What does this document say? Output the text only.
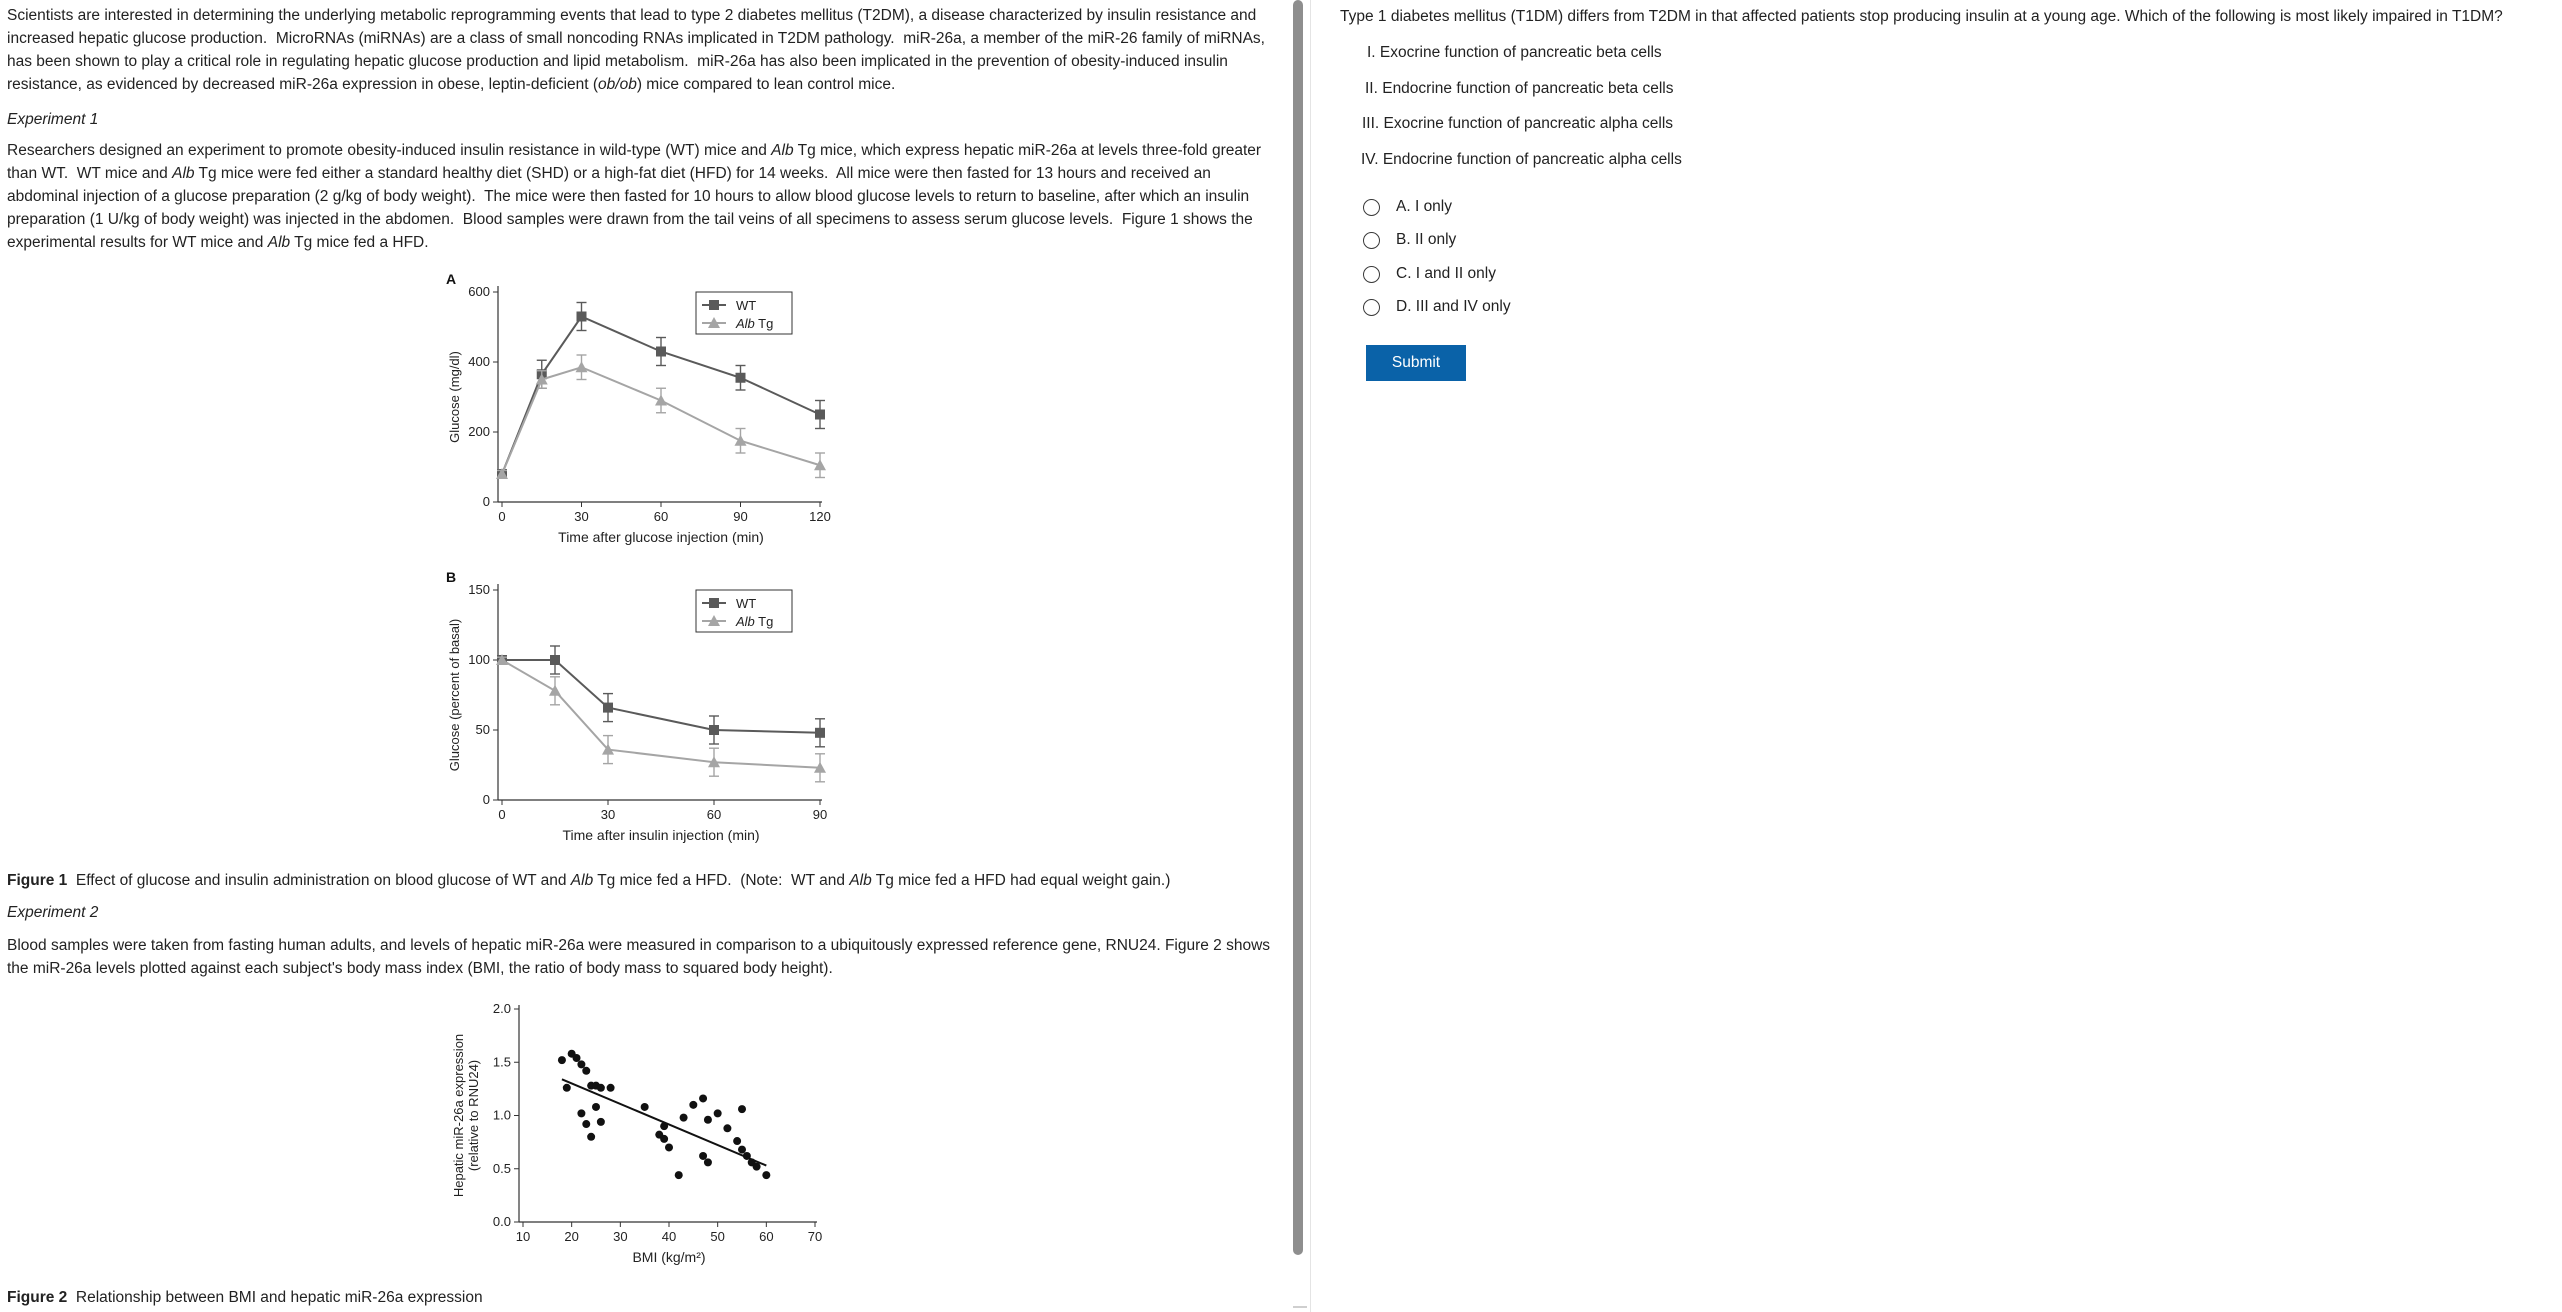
Scientists are interested in determining the underlying metabolic reprogramming events that lead to type 2 diabetes mellitus (T2DM), a disease characterized by insulin resistance and increased hepatic glucose production.  MicroRNAs (miRNAs) are a class of small noncoding RNAs implicated in T2DM pathology.  miR-26a, a member of the miR-26 family of miRNAs, has been shown to play a critical role in regulating hepatic glucose production and lipid metabolism.  miR-26a has also been implicated in the prevention of obesity-induced insulin resistance, as evidenced by decreased miR-26a expression in obese, leptin-deficient (ob/ob) mice compared to lean control mice.

Experiment 1

Researchers designed an experiment to promote obesity-induced insulin resistance in wild-type (WT) mice and Alb Tg mice, which express hepatic miR-26a at levels three-fold greater than WT.  WT mice and Alb Tg mice were fed either a standard healthy diet (SHD) or a high-fat diet (HFD) for 14 weeks.  All mice were then fasted for 13 hours and received an abdominal injection of a glucose preparation (2 g/kg of body weight).  The mice were then fasted for 10 hours to allow blood glucose levels to return to baseline, after which an insulin preparation (1 U/kg of body weight) was injected in the abdomen.  Blood samples were drawn from the tail veins of all specimens to assess serum glucose levels.  Figure 1 shows the experimental results for WT mice and Alb Tg mice fed a HFD.

A
0	30	60	90	120
0
200
400
600
Time after glucose injection (min)
Glucose (mg/dl)
WT
Alb Tg
B
0	30	60	90
0
50
100
150
Time after insulin injection (min)
Glucose (percent of basal)
WT
Alb Tg
Figure 1  Effect of glucose and insulin administration on blood glucose of WT and Alb Tg mice fed a HFD.  (Note:  WT and Alb Tg mice fed a HFD had equal weight gain.)
Experiment 2
Blood samples were taken from fasting human adults, and levels of hepatic miR-26a were measured in comparison to a ubiquitously expressed reference gene, RNU24. Figure 2 shows the miR-26a levels plotted against each subject's body mass index (BMI, the ratio of body mass to squared body height).
10	20	30	40	50	60	70
0.0
0.5
1.0
1.5
2.0
BMI (kg/m²)
Hepatic miR-26a expression (relative to RNU24)
Figure 2 Relationship between BMI and hepatic miR-26a expression
Type 1 diabetes mellitus (T1DM) differs from T2DM in that affected patients stop producing insulin at a young age. Which of the following is most likely impaired in T1DM?
I. Exocrine function of pancreatic beta cells
II. Endocrine function of pancreatic beta cells
III. Exocrine function of pancreatic alpha cells
IV. Endocrine function of pancreatic alpha cells
A. I only
B. II only
C. I and II only
D. III and IV only
Submit
